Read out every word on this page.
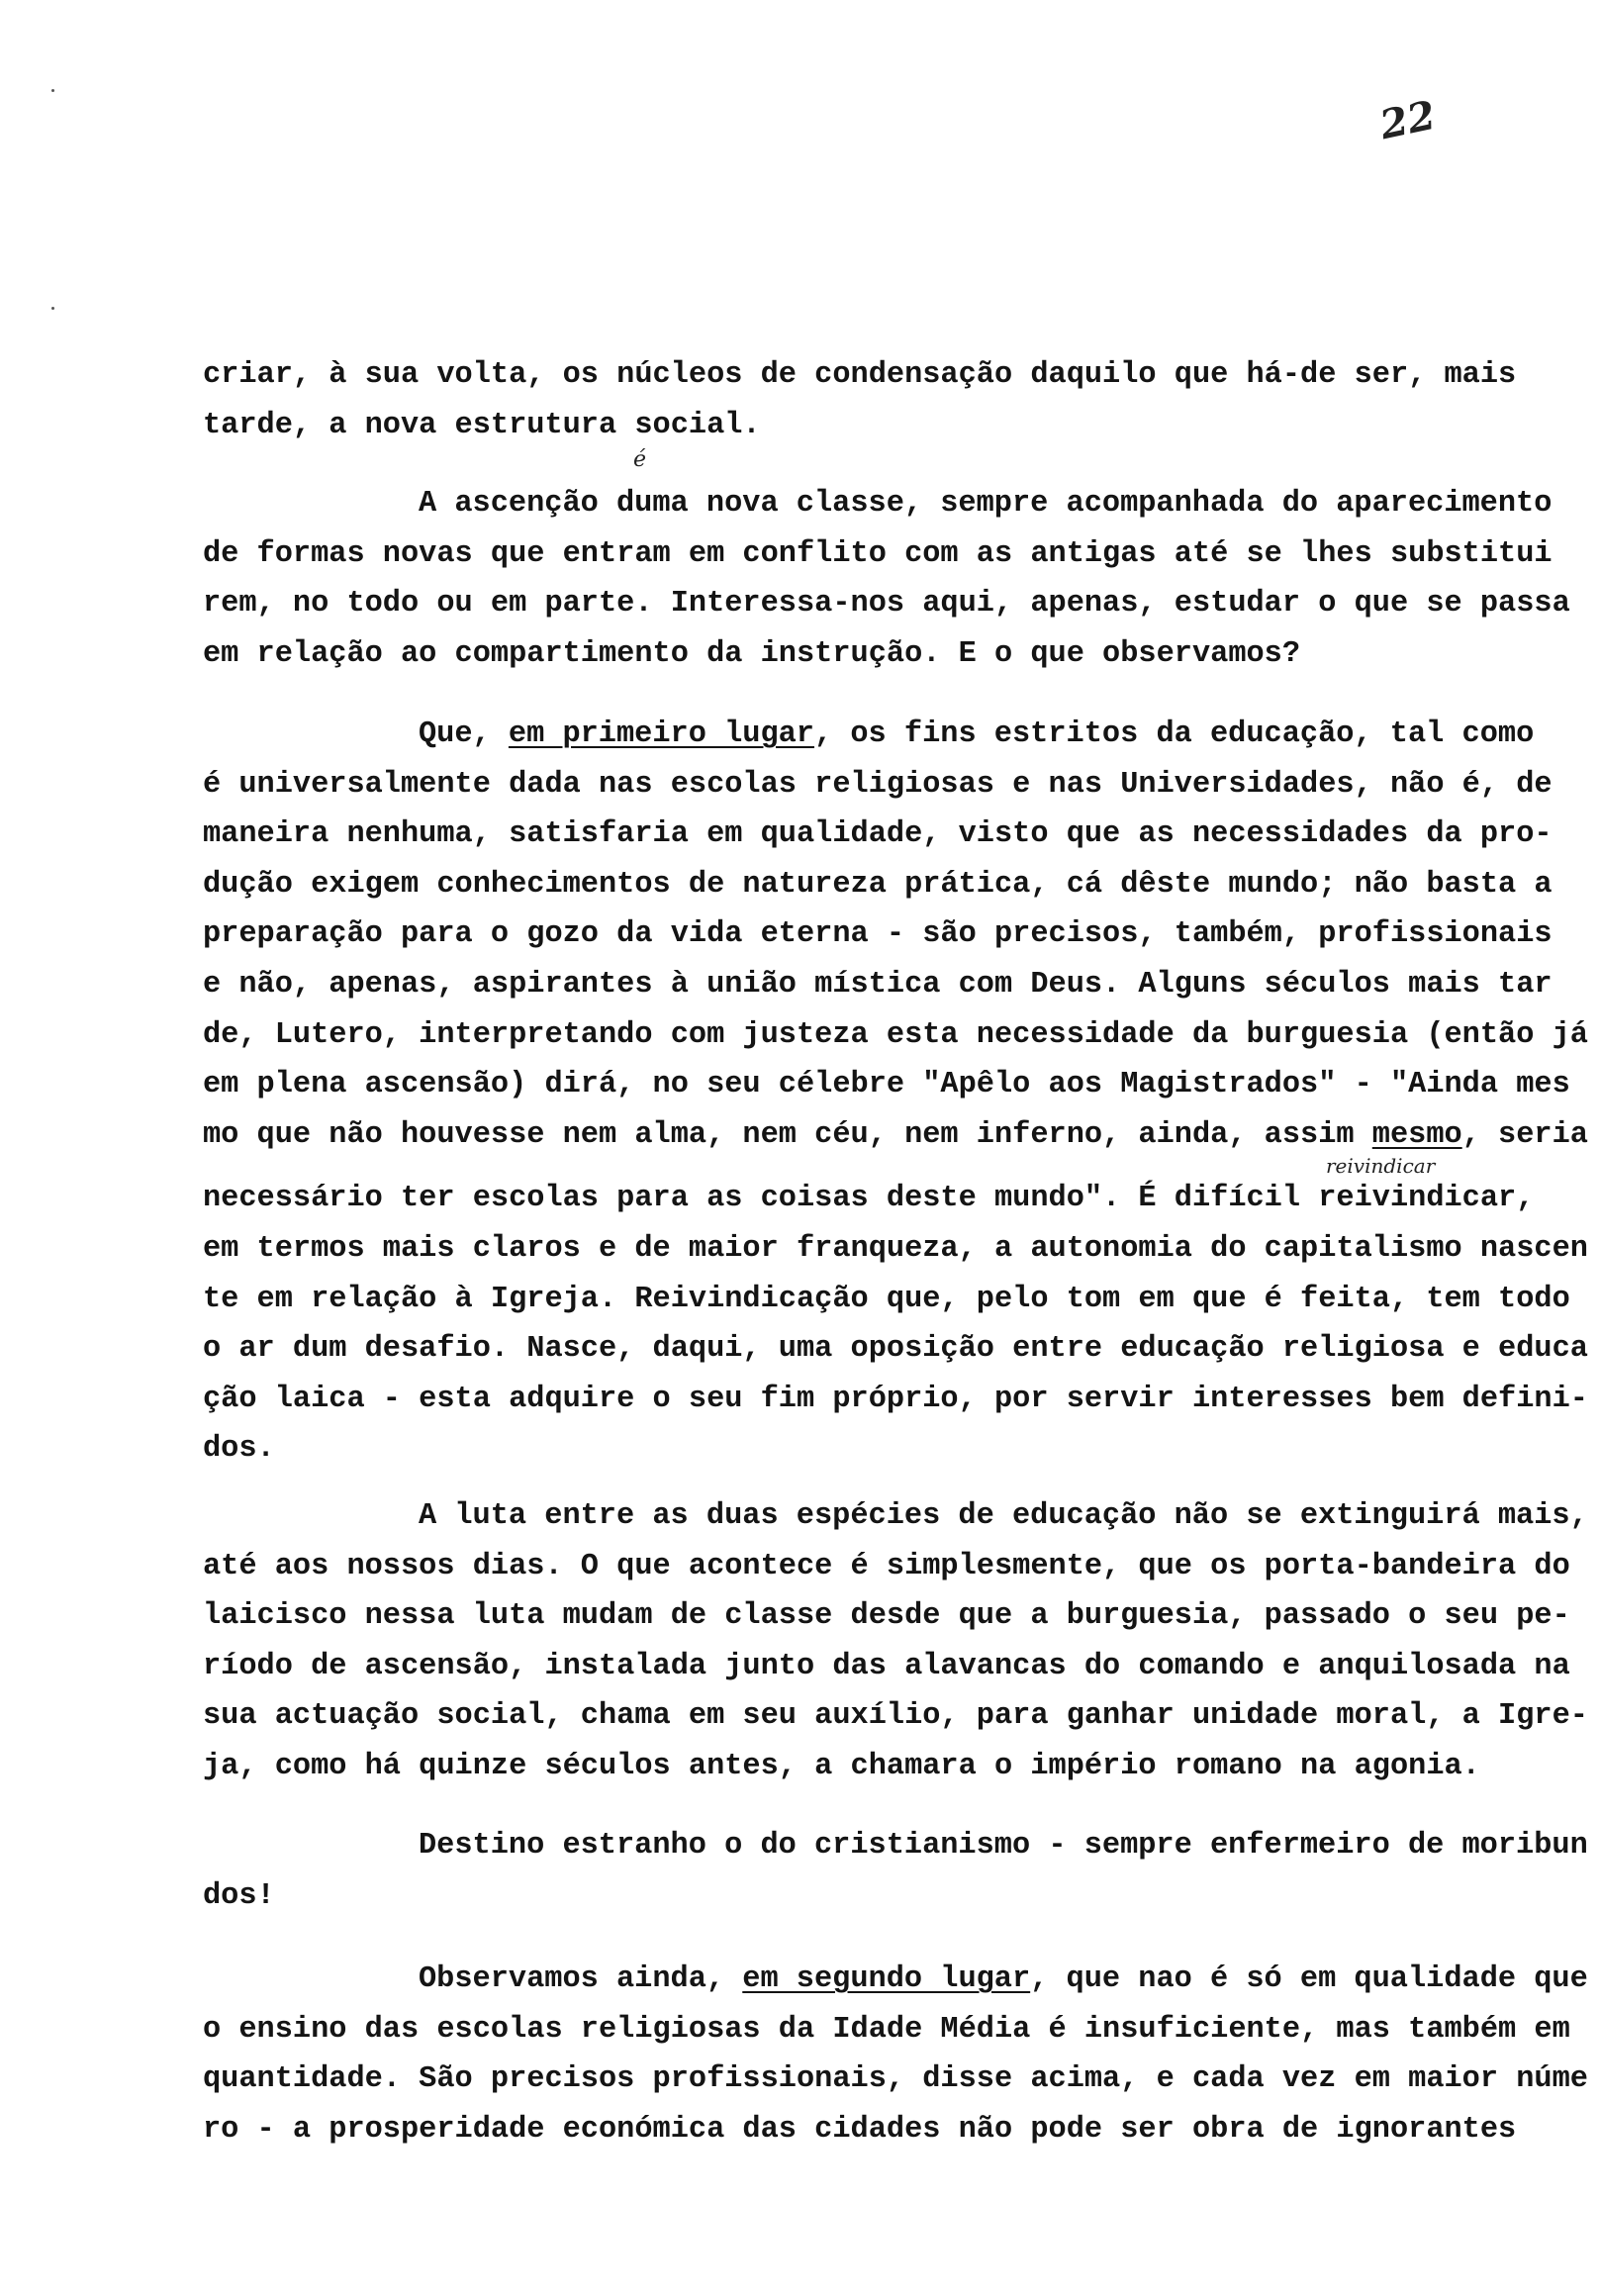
22
é
reivindicar
criar, à sua volta, os núcleos de condensação daquilo que há-de ser, mais
tarde, a nova estrutura social.
A ascenção duma nova classe, sempre acompanhada do aparecimento
de formas novas que entram em conflito com as antigas até se lhes substitui
rem, no todo ou em parte. Interessa-nos aqui, apenas, estudar o que se passa
em relação ao compartimento da instrução. E o que observamos?
Que, em primeiro lugar, os fins estritos da educação, tal como
é universalmente dada nas escolas religiosas e nas Universidades, não é, de
maneira nenhuma, satisfaria em qualidade, visto que as necessidades da pro-
dução exigem conhecimentos de natureza prática, cá dêste mundo; não basta a
preparação para o gozo da vida eterna - são precisos, também, profissionais
e não, apenas, aspirantes à união mística com Deus. Alguns séculos mais tar
de, Lutero, interpretando com justeza esta necessidade da burguesia (então já
em plena ascensão) dirá, no seu célebre "Apêlo aos Magistrados" - "Ainda mes
mo que não houvesse nem alma, nem céu, nem inferno, ainda, assim mesmo, seria
necessário ter escolas para as coisas deste mundo". É difícil reivindicar,
em termos mais claros e de maior franqueza, a autonomia do capitalismo nascen
te em relação à Igreja. Reivindicação que, pelo tom em que é feita, tem todo
o ar dum desafio. Nasce, daqui, uma oposição entre educação religiosa e educa
ção laica - esta adquire o seu fim próprio, por servir interesses bem defini-
dos.
A luta entre as duas espécies de educação não se extinguirá mais,
até aos nossos dias. O que acontece é simplesmente, que os porta-bandeira do
laicisco nessa luta mudam de classe desde que a burguesia, passado o seu pe-
ríodo de ascensão, instalada junto das alavancas do comando e anquilosada na
sua actuação social, chama em seu auxílio, para ganhar unidade moral, a Igre-
ja, como há quinze séculos antes, a chamara o império romano na agonia.
Destino estranho o do cristianismo - sempre enfermeiro de moribun
dos!
Observamos ainda, em segundo lugar, que nao é só em qualidade que
o ensino das escolas religiosas da Idade Média é insuficiente, mas também em
quantidade. São precisos profissionais, disse acima, e cada vez em maior núme
ro - a prosperidade económica das cidades não pode ser obra de ignorantes
